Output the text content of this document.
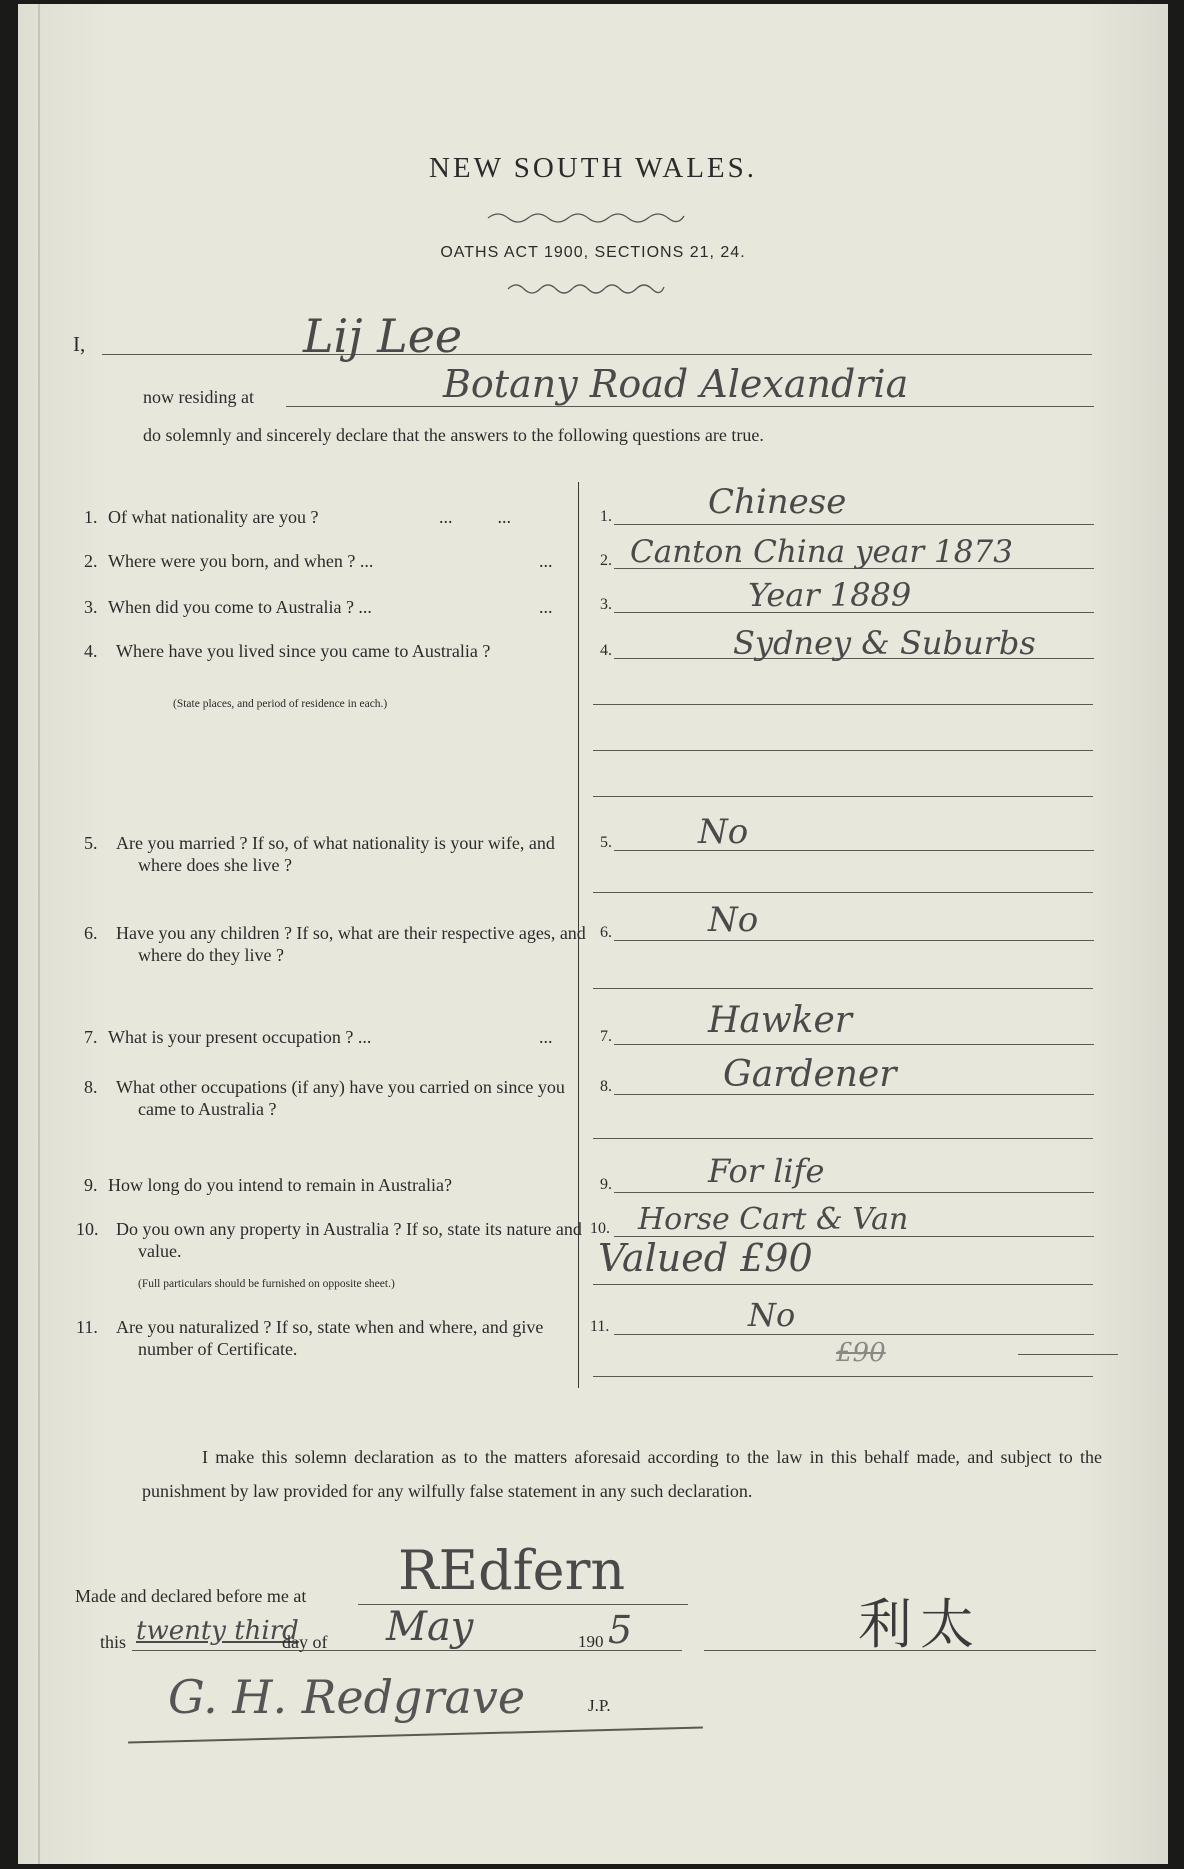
NEW SOUTH WALES.
OATHS ACT 1900, SECTIONS 21, 24.
I,	Lij Lee
now residing at	Botany Road Alexandria
do solemnly and sincerely declare that the answers to the following questions are true.
1. Of what nationality are you ?	...          ...	1.	Chinese
2. Where were you born, and when ? ...	...	2. Canton China year 1873
3. When did you come to Australia ? ...	...	3.	Year 1889
4. Where have you lived since you came to Australia ?
(State places, and period of residence in each.)
4.	Sydney & Suburbs
5. Are you married ? If so, of what nationality is your wife, and where does she live ?
5.	No
6. Have you any children ? If so, what are their respective ages, and where do they live ?
6.	No
7. What is your present occupation ? ...	...	7.	Hawker
8. What other occupations (if any) have you carried on since you came to Australia ?
8.	Gardener
9. How long do you intend to remain in Australia?	9.	For life
10. Do you own any property in Australia ? If so, state its nature and value.
(Full particulars should be furnished on opposite sheet.)
10. Horse Cart & Van
Valued £90
11. Are you naturalized ? If so, state when and where, and give number of Certificate.
11.	No
£90
I make this solemn declaration as to the matters aforesaid according to the law in this behalf made, and subject to the punishment by law provided for any wilfully false statement in any such declaration.
Made and declared before me at REdfern
this twenty third
day of May	190 5
G. H. Redgrave	J.P.
利太
